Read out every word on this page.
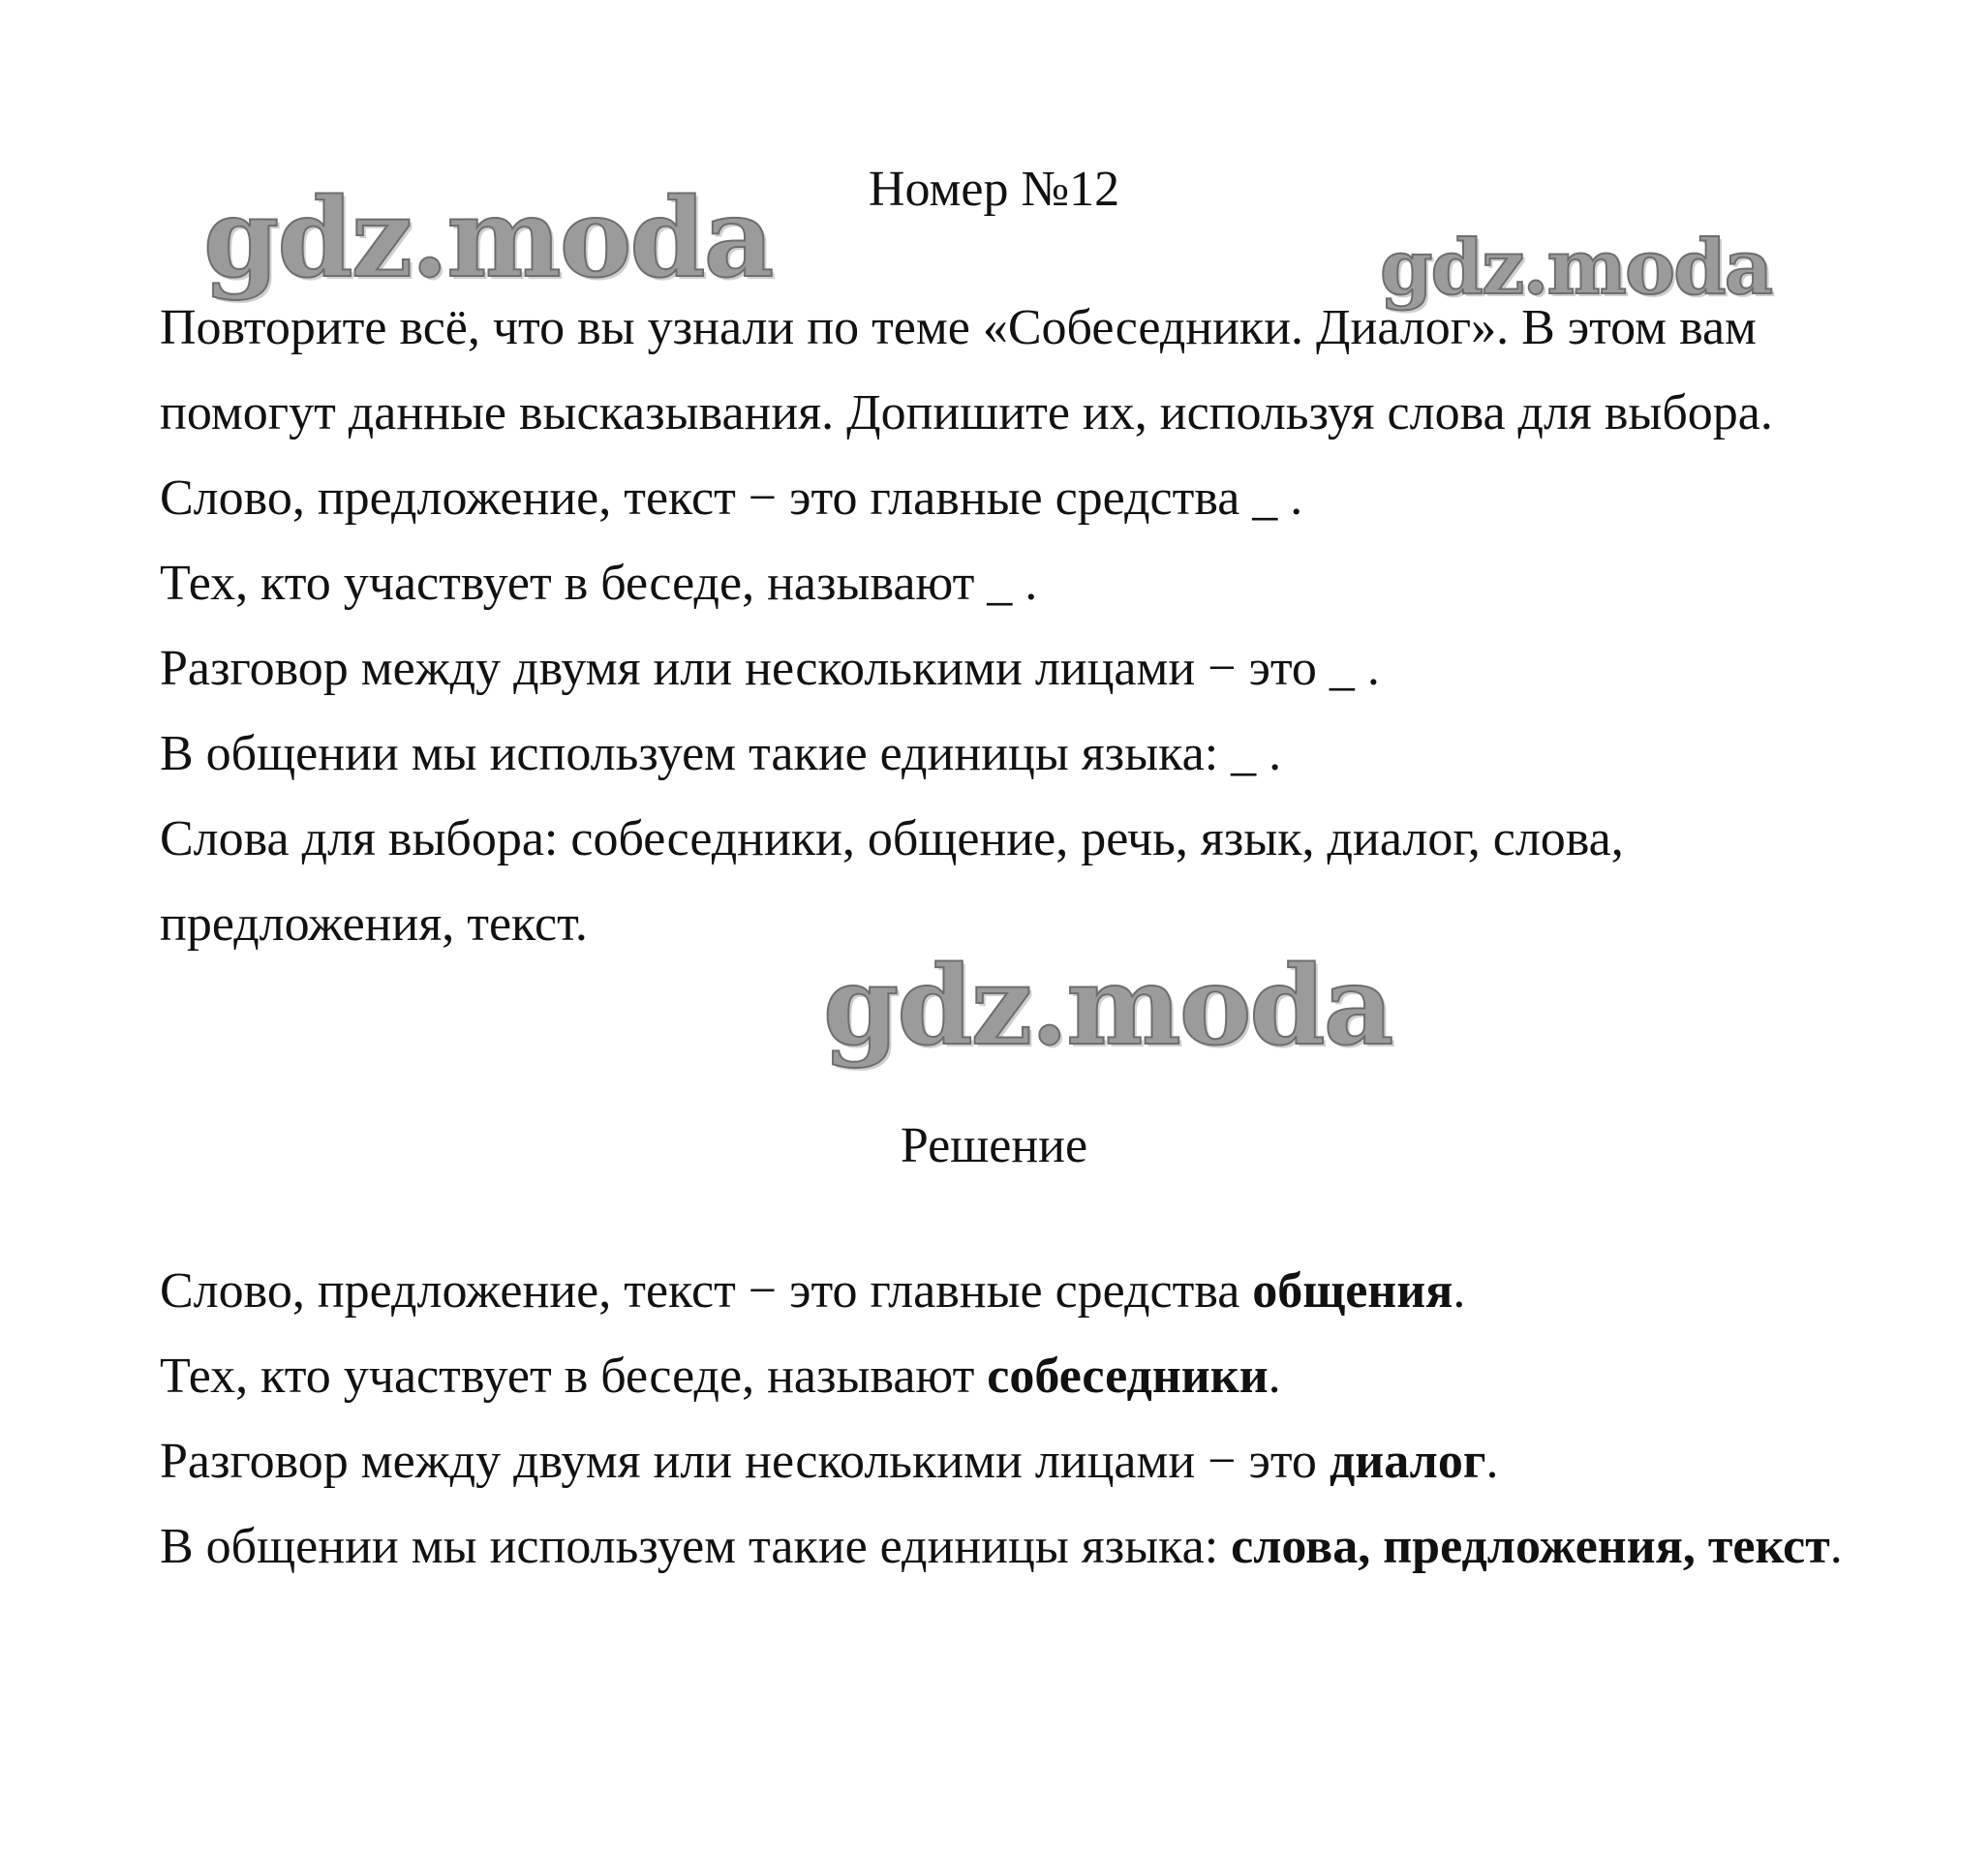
Номер №12
gdz.moda	gdz.moda

Повторите всё, что вы узнали по теме «Собеседники. Диалог». В этом вам помогут данные высказывания. Допишите их, используя слова для выбора.

Слово, предложение, текст − это главные средства _ .

Тех, кто участвует в беседе, называют _ .

Разговор между двумя или несколькими лицами − это _ .

В общении мы используем такие единицы языка: _ .

Слова для выбора: собеседники, общение, речь, язык, диалог, слова, предложения, текст.

gdz.moda
Решение

Слово, предложение, текст − это главные средства общения.

Тех, кто участвует в беседе, называют собеседники.

Разговор между двумя или несколькими лицами − это диалог.

В общении мы используем такие единицы языка: слова, предложения, текст.
